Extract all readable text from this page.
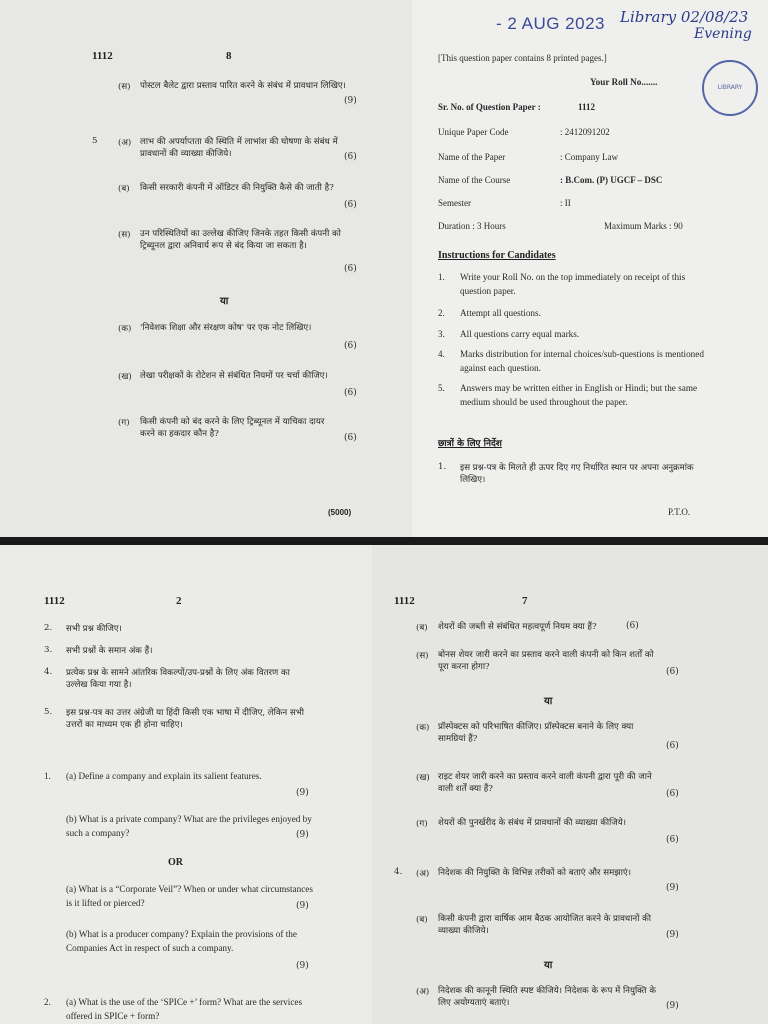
1112	8
(स) पोस्टल बैलेट द्वारा प्रस्ताव पारित करने के संबंध में प्रावधान लिखिए।
(9)
5 (अ) लाभ की अपर्याप्तता की स्थिति में लाभांश की घोषणा के संबंध में प्रावधानों की व्याख्या कीजिये।	(6)
(ब) किसी सरकारी कंपनी में ऑडिटर की नियुक्ति कैसे की जाती है?
(6)
(स) उन परिस्थितियों का उल्लेख कीजिए जिनके तहत किसी कंपनी को ट्रिब्यूनल द्वारा अनिवार्य रूप से बंद किया जा सकता है।
(6)
या
(क) 'निवेशक शिक्षा और संरक्षण कोष' पर एक नोट लिखिए।
(6)
(ख) लेखा परीक्षकों के रोटेशन से संबंधित नियमों पर चर्चा कीजिए।
(6)
(ग) किसी कंपनी को बंद करने के लिए ट्रिब्यूनल में याचिका दायर करने का हकदार कौन है?	(6)
(5000)
- 2 AUG 2023 Library 02/08/23
Evening
LIBRARY
[This question paper contains 8 printed pages.]
Your Roll No.......
Sr. No. of Question Paper :	1112
Unique Paper Code	: 2412091202
Name of the Paper	: Company Law
Name of the Course	: B.Com. (P) UGCF – DSC
Semester	: II
Duration : 3 Hours	Maximum Marks : 90
Instructions for Candidates
1. Write your Roll No. on the top immediately on receipt of this question paper.
2. Attempt all questions.
3. All questions carry equal marks.
4. Marks distribution for internal choices/sub-questions is mentioned against each question.
5. Answers may be written either in English or Hindi; but the same medium should be used throughout the paper.
छात्रों के लिए निर्देश
1. इस प्रश्न-पत्र के मिलते ही ऊपर दिए गए निर्धारित स्थान पर अपना अनुक्रमांक लिखिए।
P.T.O.
1112	2
2. सभी प्रश्न कीजिए।
3. सभी प्रश्नों के समान अंक हैं।
4. प्रत्येक प्रश्न के सामने आंतरिक विकल्पों/उप-प्रश्नों के लिए अंक वितरण का उल्लेख किया गया है।
5. इस प्रश्न-पत्र का उत्तर अंग्रेजी या हिंदी किसी एक भाषा में दीजिए, लेकिन सभी उत्तरों का माध्यम एक ही होना चाहिए।
1. (a) Define a company and explain its salient features.
(9)
(b) What is a private company? What are the privileges enjoyed by such a company?	(9)
OR
(a) What is a “Corporate Veil”? When or under what circumstances is it lifted or pierced?	(9)
(b) What is a producer company? Explain the provisions of the Companies Act in respect of such a company.
(9)
2. (a) What is the use of the ‘SPICe +’ form? What are the services offered in SPICe + form?
1112	7
(ब) शेयरों की जब्ती से संबंधित महत्वपूर्ण नियम क्या हैं?	(6)
(स) बोनस शेयर जारी करने का प्रस्ताव करने वाली कंपनी को किन शर्तों को पूरा करना होगा?	(6)
या
(क) प्रॉस्पेक्टस को परिभाषित कीजिए। प्रॉस्पेक्टस बनाने के लिए क्या सामग्रियां हैं?
(6)
(ख) राइट शेयर जारी करने का प्रस्ताव करने वाली कंपनी द्वारा पूरी की जाने वाली शर्तें क्या हैं?	(6)
(ग) शेयरों की पुनर्खरीद के संबंध में प्रावधानों की व्याख्या कीजिये।
(6)
4. (अ) निदेशक की नियुक्ति के विभिन्न तरीकों को बताएं और समझाएं।
(9)
(ब) किसी कंपनी द्वारा वार्षिक आम बैठक आयोजित करने के प्रावधानों की व्याख्या कीजिये।	(9)
या
(अ) निदेशक की कानूनी स्थिति स्पष्ट कीजिये। निदेशक के रूप में नियुक्ति के लिए अयोग्यताएं बताएं।	(9)
